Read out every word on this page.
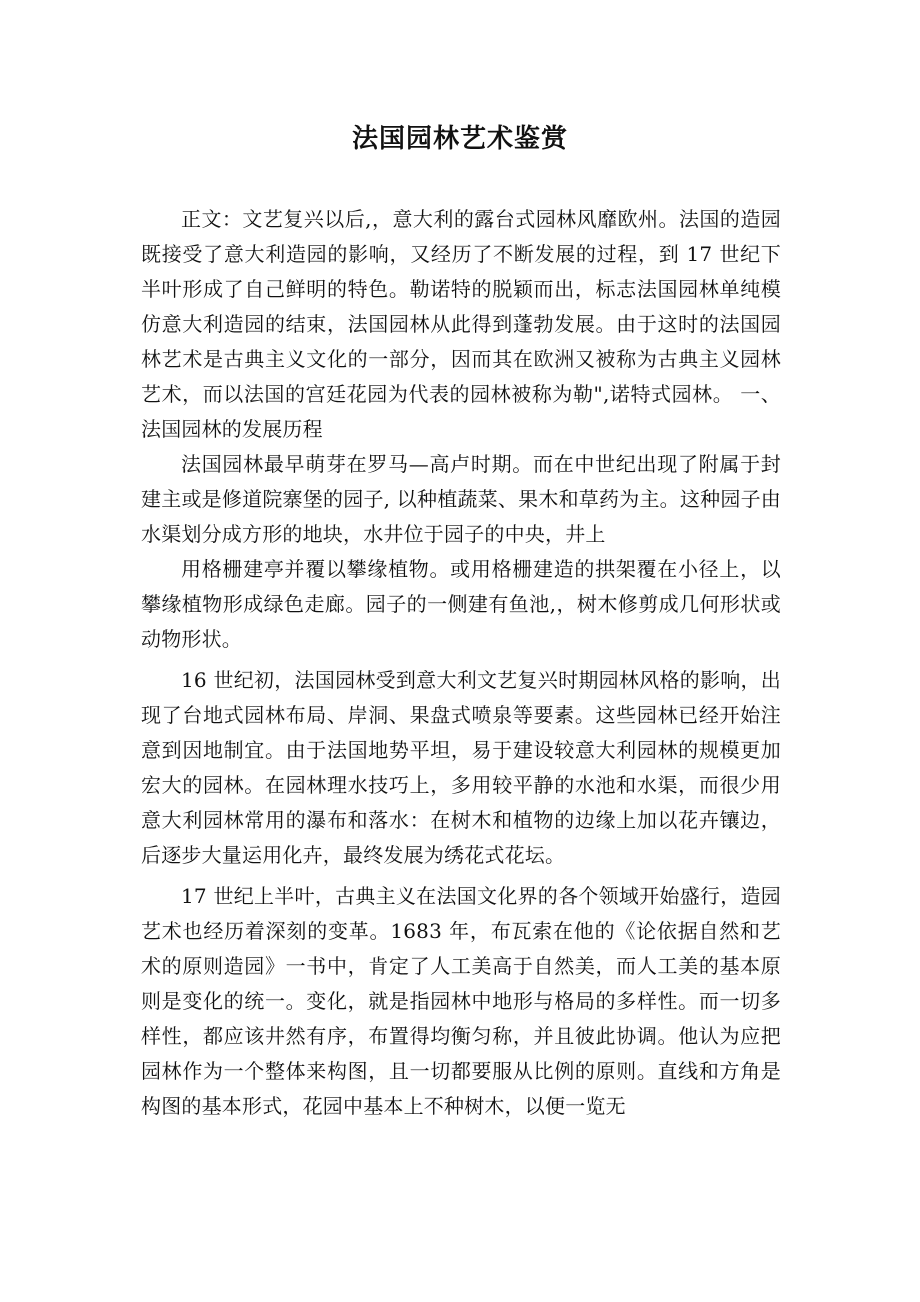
法国园林艺术鉴赏

正文：文艺复兴以后,，意大利的露台式园林风靡欧州。法国的造园既接受了意大利造园的影响，又经历了不断发展的过程，到 17 世纪下半叶形成了自己鲜明的特色。勒诺特的脱颖而出，标志法国园林单纯模仿意大利造园的结束，法国园林从此得到蓬勃发展。由于这时的法国园林艺术是古典主义文化的一部分，因而其在欧洲又被称为古典主义园林艺术，而以法国的宫廷花园为代表的园林被称为勒",诺特式园林。 一、法国园林的发展历程

法国园林最早萌芽在罗马—高卢时期。而在中世纪出现了附属于封建主或是修道院寨堡的园子, 以种植蔬菜、果木和草药为主。这种园子由水渠划分成方形的地块，水井位于园子的中央，井上

用格栅建亭并覆以攀缘植物。或用格栅建造的拱架覆在小径上，以攀缘植物形成绿色走廊。园子的一侧建有鱼池,，树木修剪成几何形状或动物形状。

16 世纪初，法国园林受到意大利文艺复兴时期园林风格的影响，出现了台地式园林布局、岸洞、果盘式喷泉等要素。这些园林已经开始注意到因地制宜。由于法国地势平坦，易于建设较意大利园林的规模更加宏大的园林。在园林理水技巧上，多用较平静的水池和水渠，而很少用意大利园林常用的瀑布和落水：在树木和植物的边缘上加以花卉镶边，后逐步大量运用化卉，最终发展为绣花式花坛。

17 世纪上半叶，古典主义在法国文化界的各个领域开始盛行，造园艺术也经历着深刻的变革。1683 年，布瓦索在他的《论依据自然和艺术的原则造园》一书中，肯定了人工美高于自然美，而人工美的基本原则是变化的统一。变化，就是指园林中地形与格局的多样性。而一切多样性，都应该井然有序，布置得均衡匀称，并且彼此协调。他认为应把园林作为一个整体来构图，且一切都要服从比例的原则。直线和方角是构图的基本形式，花园中基本上不种树木，以便一览无
